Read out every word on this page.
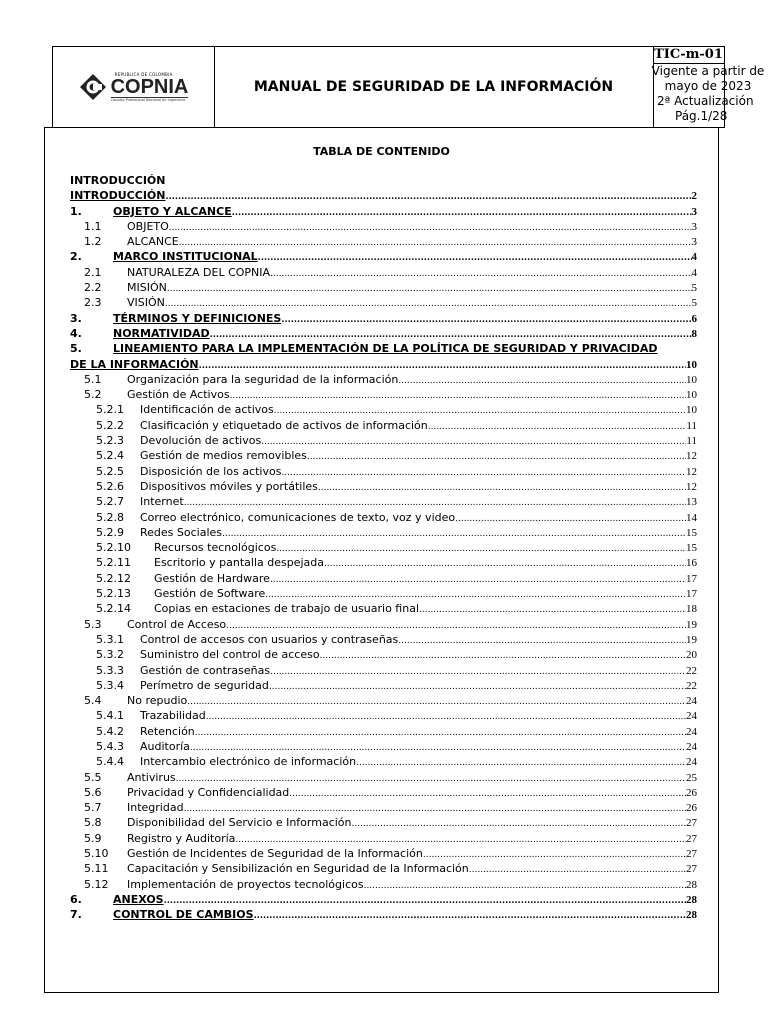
REPUBLICA DE COLOMBIA
COPNIA
Consejo Profesional Nacional de Ingeniería
MANUAL DE SEGURIDAD DE LA INFORMACIÓN
TIC-m-01
Vigente a partir de
mayo de 2023
2ª Actualización
Pág.1/28
TABLA DE CONTENIDO
INTRODUCCIÓN
INTRODUCCIÓN .....	2
1.	OBJETO Y ALCANCE .....	3
1.1	OBJETO .....	3
1.2	ALCANCE .....	3
2.	MARCO INSTITUCIONAL .....	4
2.1	NATURALEZA DEL COPNIA .....	4
2.2	MISIÓN .....	5
2.3	VISIÓN .....	5
3.	TÉRMINOS Y DEFINICIONES .....	6
4.	NORMATIVIDAD .....	8
5.	LINEAMIENTO PARA LA IMPLEMENTACIÓN DE LA POLÍTICA DE SEGURIDAD Y PRIVACIDAD
DE LA INFORMACIÓN .....	10
5.1	Organización para la seguridad de la información .....	10
5.2	Gestión de Activos .....	10
5.2.1	Identificación de activos .....	10
5.2.2	Clasificación y etiquetado de activos de información .....	11
5.2.3	Devolución de activos .....	11
5.2.4	Gestión de medios removibles .....	12
5.2.5	Disposición de los activos .....	12
5.2.6	Dispositivos móviles y portátiles .....	12
5.2.7	Internet .....	13
5.2.8	Correo electrónico, comunicaciones de texto, voz y video .....	14
5.2.9	Redes Sociales .....	15
5.2.10	Recursos tecnológicos .....	15
5.2.11	Escritorio y pantalla despejada .....	16
5.2.12	Gestión de Hardware .....	17
5.2.13	Gestión de Software .....	17
5.2.14	Copias en estaciones de trabajo de usuario final .....	18
5.3	Control de Acceso .....	19
5.3.1	Control de accesos con usuarios y contraseñas .....	19
5.3.2	Suministro del control de acceso .....	20
5.3.3	Gestión de contraseñas .....	22
5.3.4	Perímetro de seguridad .....	22
5.4	No repudio .....	24
5.4.1	Trazabilidad .....	24
5.4.2	Retención .....	24
5.4.3	Auditoría .....	24
5.4.4	Intercambio electrónico de información .....	24
5.5	Antivirus .....	25
5.6	Privacidad y Confidencialidad .....	26
5.7	Integridad .....	26
5.8	Disponibilidad del Servicio e Información .....	27
5.9	Registro y Auditoría .....	27
5.10	Gestión de Incidentes de Seguridad de la Información .....	27
5.11	Capacitación y Sensibilización en Seguridad de la Información .....	27
5.12	Implementación de proyectos tecnológicos .....	28
6.	ANEXOS .....	28
7.	CONTROL DE CAMBIOS .....	28
